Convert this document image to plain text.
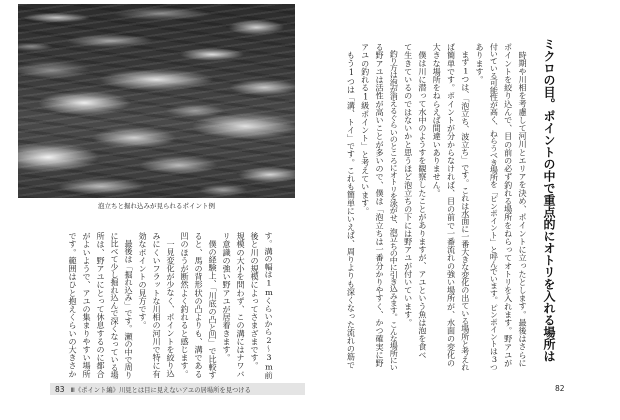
泡立ちと掘れ込みが見られるポイント例
す。溝の幅は1mくらいから2〜3m前
後と川の規模によってさまざまです。
規模の大小を問わず、この溝にはナワバ
リ意識の強い野アユが居着きます。
僕の経験上、「川底の凸と凹」で比較す
ると、馬の背形状の凸よりも、溝である
凹のほうが断然よく釣れると感じます。
一見変化が少なく、ポイントを絞り込
みにくいフラットな川相の河川で特に有
効なポイントの見方です。
最後は「掘れ込み」です。瀬の中で周り
に比べて少し掘れ込んで深くなっている場
所は、野アユにとって休息するのに都合
がよいようで、アユの集まりやすい場所
です。範囲はひと抱えくらいの大きさか
83 Ⅲ《ポイント編》川見とは目に見えないアユの居場所を見つける
ミクロの目。ポイントの中で重点的にオトリを入れる場所は
時期や川相を考慮して河川とエリアを決め、ポイントに立ったとします。最後はさらに
ポイントを絞り込んで、目の前の必ず釣れる場所をねらってオトリを入れます。野アユが
付いている可能性が高く、ねらうべき場所を「ピンポイント」と呼んでいます。ピンポイントは3つ
あります。
まず1つは、「泡立ち、波立ち」です。これは水面に一番大きな変化の出ている場所と考えれ
ば簡単です。ポイントが分からなければ、目の前で一番流れの強い場所が、水面の変化の
大きな場所をねらえば間違いありません。
僕は川に潜って水中のようすを観察したことがありますが、アユという魚は泡を食べ
て生きているのではないかと思うほど泡立ちの下には野アユが付いています。
釣り方は泡が消えるぐらいのところにオトリを泳がせ、泡立ちの中に引き込みます。こんな場所にい
る野アユは活性が高いことが多いので、僕は「泡立ちは一番分かりやすく、かつ確実に野
アユの釣れる1級ポイント」と考えています。
もう1つは「溝、トイ」です。これも簡単にいえば、周りよりも深くなった流れの筋で
82
